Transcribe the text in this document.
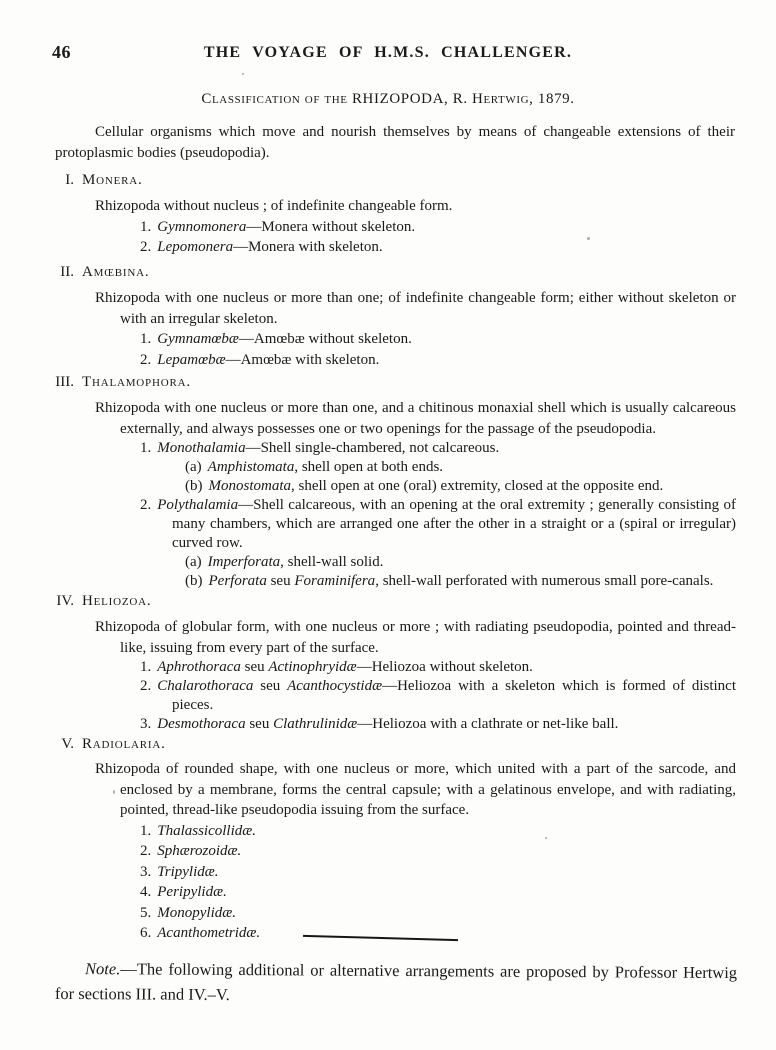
46	THE VOYAGE OF H.M.S. CHALLENGER.
Classification of the RHIZOPODA, R. Hertwig, 1879.

Cellular organisms which move and nourish themselves by means of changeable extensions of their protoplasmic bodies (pseudopodia).

I. Monera.
Rhizopoda without nucleus ; of indefinite changeable form.
1. Gymnomonera—Monera without skeleton.
2. Lepomonera—Monera with skeleton.
II. Amœbina.
Rhizopoda with one nucleus or more than one; of indefinite changeable form; either without skeleton or with an irregular skeleton.
1. Gymnamœbæ—Amœbæ without skeleton.
2. Lepamœbæ—Amœbæ with skeleton.
III. Thalamophora.
Rhizopoda with one nucleus or more than one, and a chitinous monaxial shell which is usually calcareous externally, and always possesses one or two openings for the passage of the pseudopodia.
1. Monothalamia—Shell single-chambered, not calcareous.
(a) Amphistomata, shell open at both ends.
(b) Monostomata, shell open at one (oral) extremity, closed at the opposite end.
2. Polythalamia—Shell calcareous, with an opening at the oral extremity ; generally consisting of many chambers, which are arranged one after the other in a straight or a (spiral or irregular) curved row.
(a) Imperforata, shell-wall solid.
(b) Perforata seu Foraminifera, shell-wall perforated with numerous small pore-canals.
IV. Heliozoa.
Rhizopoda of globular form, with one nucleus or more ; with radiating pseudopodia, pointed and thread-like, issuing from every part of the surface.
1. Aphrothoraca seu Actinophryidæ—Heliozoa without skeleton.
2. Chalarothoraca seu Acanthocystidæ—Heliozoa with a skeleton which is formed of distinct pieces.
3. Desmothoraca seu Clathrulinidæ—Heliozoa with a clathrate or net-like ball.
V. Radiolaria.
Rhizopoda of rounded shape, with one nucleus or more, which united with a part of the sarcode, and enclosed by a membrane, forms the central capsule; with a gelatinous envelope, and with radiating, pointed, thread-like pseudopodia issuing from the surface.
1. Thalassicollidæ.
2. Sphærozoidæ.
3. Tripylidæ.
4. Peripylidæ.
5. Monopylidæ.
6. Acanthometridæ.

Note.—The following additional or alternative arrangements are proposed by Professor Hertwig for sections III. and IV.–V.
